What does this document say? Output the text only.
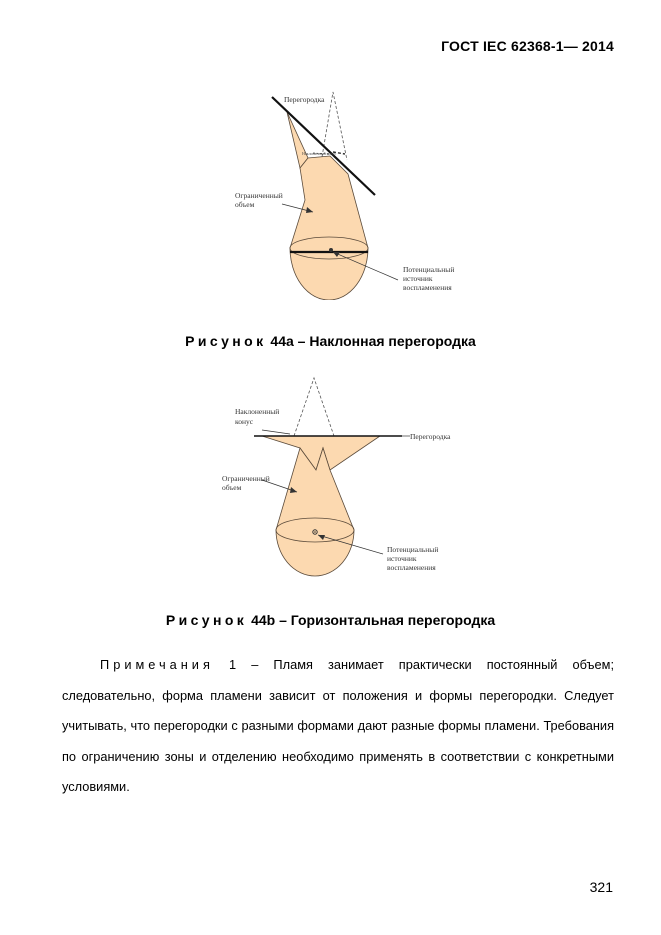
ГОСТ IEC 62368-1— 2014
Перегородка
Наклоненный конус
Ограниченный
объем
Потенциальный
источник
воспламенения
Рисунок 44a – Наклонная перегородка
Наклоненный
конус
Перегородка
Ограниченный
объем
Потенциальный
источник
воспламенения
Рисунок 44b – Горизонтальная перегородка
Примечания 1 – Пламя занимает практически постоянный объем; следовательно, форма пламени зависит от положения и формы перегородки. Следует учитывать, что перегородки с разными формами дают разные формы пламени. Требования по ограничению зоны и отделению необходимо применять в соответствии с конкретными условиями.
321
